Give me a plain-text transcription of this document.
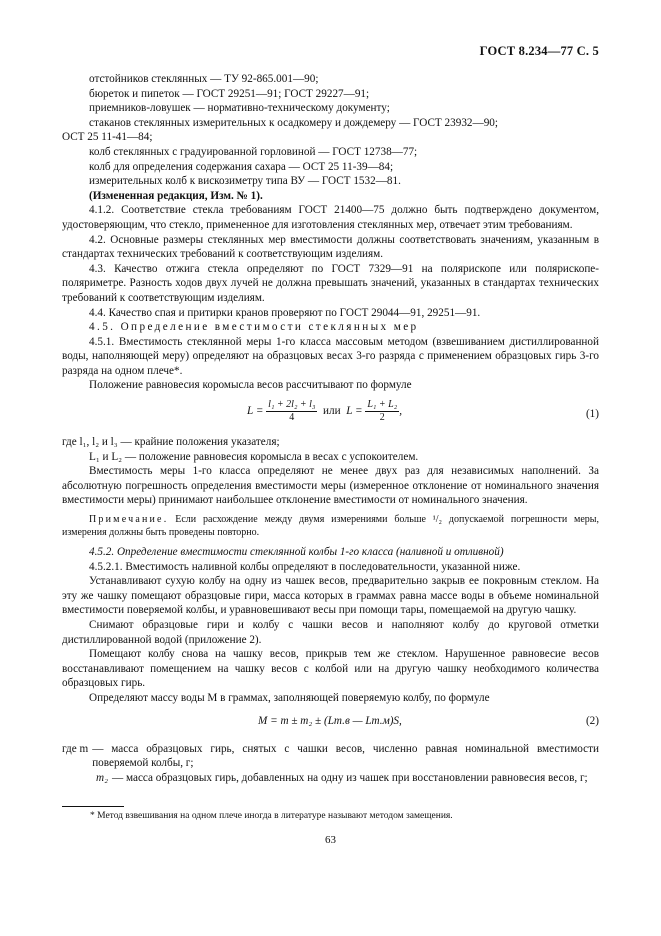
ГОСТ 8.234—77 С. 5

отстойников стеклянных — ТУ 92-865.001—90;

бюреток и пипеток — ГОСТ 29251—91; ГОСТ 29227—91;

приемников-ловушек — нормативно-техническому документу;

стаканов стеклянных измерительных к осадкомеру и дождемеру — ГОСТ 23932—90;

ОСТ 25 11-41—84;

колб стеклянных с градуированной горловиной — ГОСТ 12738—77;

колб для определения содержания сахара — ОСТ 25 11-39—84;

измерительных колб к вискозиметру типа ВУ — ГОСТ 1532—81.

(Измененная редакция, Изм. № 1).

4.1.2. Соответствие стекла требованиям ГОСТ 21400—75 должно быть подтверждено документом, удостоверяющим, что стекло, примененное для изготовления стеклянных мер, отвечает этим требованиям.

4.2. Основные размеры стеклянных мер вместимости должны соответствовать значениям, указанным в стандартах технических требований к соответствующим изделиям.

4.3. Качество отжига стекла определяют по ГОСТ 7329—91 на полярископе или полярископе-поляриметре. Разность ходов двух лучей не должна превышать значений, указанных в стандартах технических требований к соответствующим изделиям.

4.4. Качество спая и притирки кранов проверяют по ГОСТ 29044—91, 29251—91.

4.5. Определение вместимости стеклянных мер

4.5.1. Вместимость стеклянной меры 1-го класса массовым методом (взвешиванием дистиллированной воды, наполняющей меру) определяют на образцовых весах 3-го разряда с применением образцовых гирь 3-го разряда на одном плече*.

Положение равновесия коромысла весов рассчитывают по формуле

$L = \frac{\text{l₁ + 2l₂ + l₃}}{4}$ или $L = \frac{\text{L₁ + L₂}}{2}$ ,	(1)

где l₁, l₂ и l₃ — крайние положения указателя;

L₁ и L₂ — положение равновесия коромысла в весах с успокоителем.

Вместимость меры 1-го класса определяют не менее двух раз для независимых наполнений. За абсолютную погрешность определения вместимости меры (измеренное отклонение от номинального значения вместимости меры) принимают наибольшее отклонение вместимости от номинального значения.

Примечание. Если расхождение между двумя измерениями больше ¹/₂ допускаемой погрешности меры, измерения должны быть проведены повторно.

4.5.2. Определение вместимости стеклянной колбы 1-го класса (наливной и отливной)

4.5.2.1. Вместимость наливной колбы определяют в последовательности, указанной ниже.

Устанавливают сухую колбу на одну из чашек весов, предварительно закрыв ее покровным стеклом. На эту же чашку помещают образцовые гири, масса которых в граммах равна массе воды в объеме номинальной вместимости поверяемой колбы, и уравновешивают весы при помощи тары, помещаемой на другую чашку.

Снимают образцовые гири и колбу с чашки весов и наполняют колбу до круговой отметки дистиллированной водой (приложение 2).

Помещают колбу снова на чашку весов, прикрыв тем же стеклом. Нарушенное равновесие весов восстанавливают помещением на чашку весов с колбой или на другую чашку необходимого количества образцовых гирь.

Определяют массу воды M в граммах, заполняющей поверяемую колбу, по формуле

M = m ± m₂ ± (Lт.в — Lт.м)S,	(2)
где m — масса образцовых гирь, снятых с чашки весов, численно равная номинальной вместимости поверяемой колбы, г;
m₂ — масса образцовых гирь, добавленных на одну из чашек при восстановлении равновесия весов, г;
* Метод взвешивания на одном плече иногда в литературе называют методом замещения.
63
